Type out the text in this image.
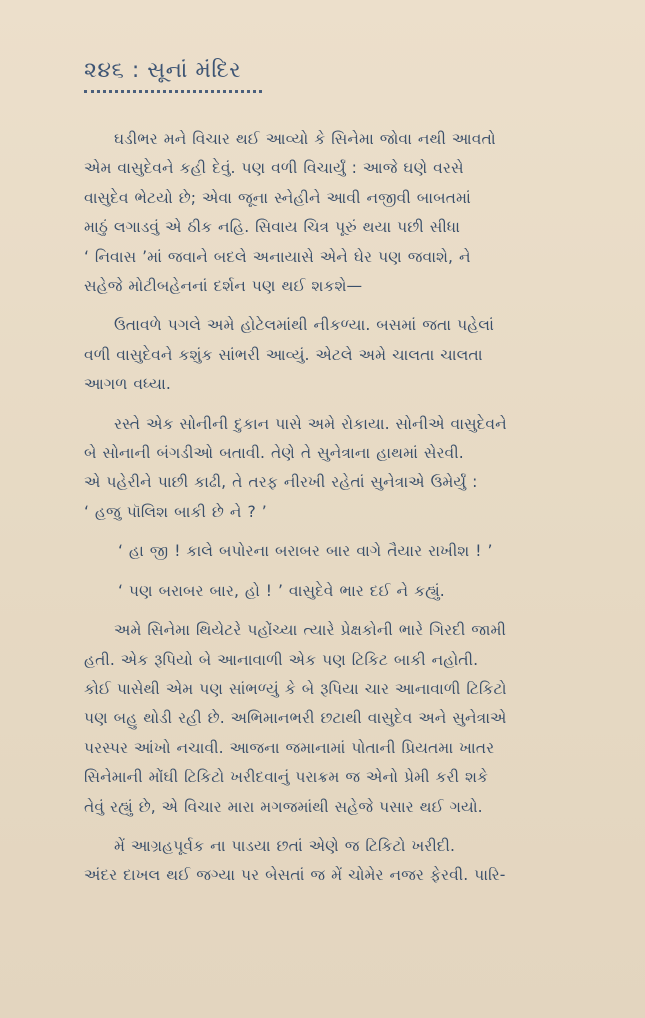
૨૪૬ : સૂનાં મંદિર

ઘડીભર મને વિચાર થઈ આવ્યો કે સિનેમા જોવા નથી આવતો
એમ વાસુદેવને કહી દેવું. પણ વળી વિચાર્યું : આજે ઘણે વરસે
વાસુદેવ ભેટયો છે; એવા જૂના સ્નેહીને આવી નજીવી બાબતમાં
માઠું લગાડવું એ ઠીક નહિ. સિવાય ચિત્ર પૂરું થયા પછી સીધા
‘ નિવાસ ’માં જવાને બદલે અનાયાસે એને ઘેર પણ જવાશે, ને
સહેજે મોટીબહેનનાં દર્શન પણ થઈ શકશે—

ઉતાવળે પગલે અમે હોટેલમાંથી નીકળ્યા. બસમાં જતા પહેલાં
વળી વાસુદેવને કશુંક સાંભરી આવ્યું. એટલે અમે ચાલતા ચાલતા
આગળ વધ્યા.

રસ્તે એક સોનીની દુકાન પાસે અમે રોકાયા. સોનીએ વાસુદેવને
બે સોનાની બંગડીઓ બતાવી. તેણે તે સુનેત્રાના હાથમાં સેરવી.
એ પહેરીને પાછી કાઢી, તે તરફ નીરખી રહેતાં સુનેત્રાએ ઉમેર્યું :
‘ હજુ પૉલિશ બાકી છે ને ? ’

‘ હા જી ! કાલે બપોરના બરાબર બાર વાગે તૈયાર રાખીશ ! ’

‘ પણ બરાબર બાર, હો ! ’ વાસુદેવે ભાર દઈ ને કહ્યું.

અમે સિનેમા થિયેટરે પહોંચ્યા ત્યારે પ્રેક્ષકોની ભારે ગિરદી જામી
હતી. એક રૂપિયો બે આનાવાળી એક પણ ટિકિટ બાકી નહોતી.
કોઈ પાસેથી એમ પણ સાંભળ્યું કે બે રૂપિયા ચાર આનાવાળી ટિકિટો
પણ બહુ થોડી રહી છે. અભિમાનભરી છટાથી વાસુદેવ અને સુનેત્રાએ
પરસ્પર આંખો નચાવી. આજના જમાનામાં પોતાની પ્રિયતમા ખાતર
સિનેમાની મોંઘી ટિકિટો ખરીદવાનું પરાક્રમ જ એનો પ્રેમી કરી શકે
તેવું રહ્યું છે, એ વિચાર મારા મગજમાંથી સહેજે પસાર થઈ ગયો.

મેં આગ્રહપૂર્વક ના પાડયા છતાં એણે જ ટિકિટો ખરીદી.
અંદર દાખલ થઈ જગ્યા પર બેસતાં જ મેં ચોમેર નજર ફેરવી. પારિ-
